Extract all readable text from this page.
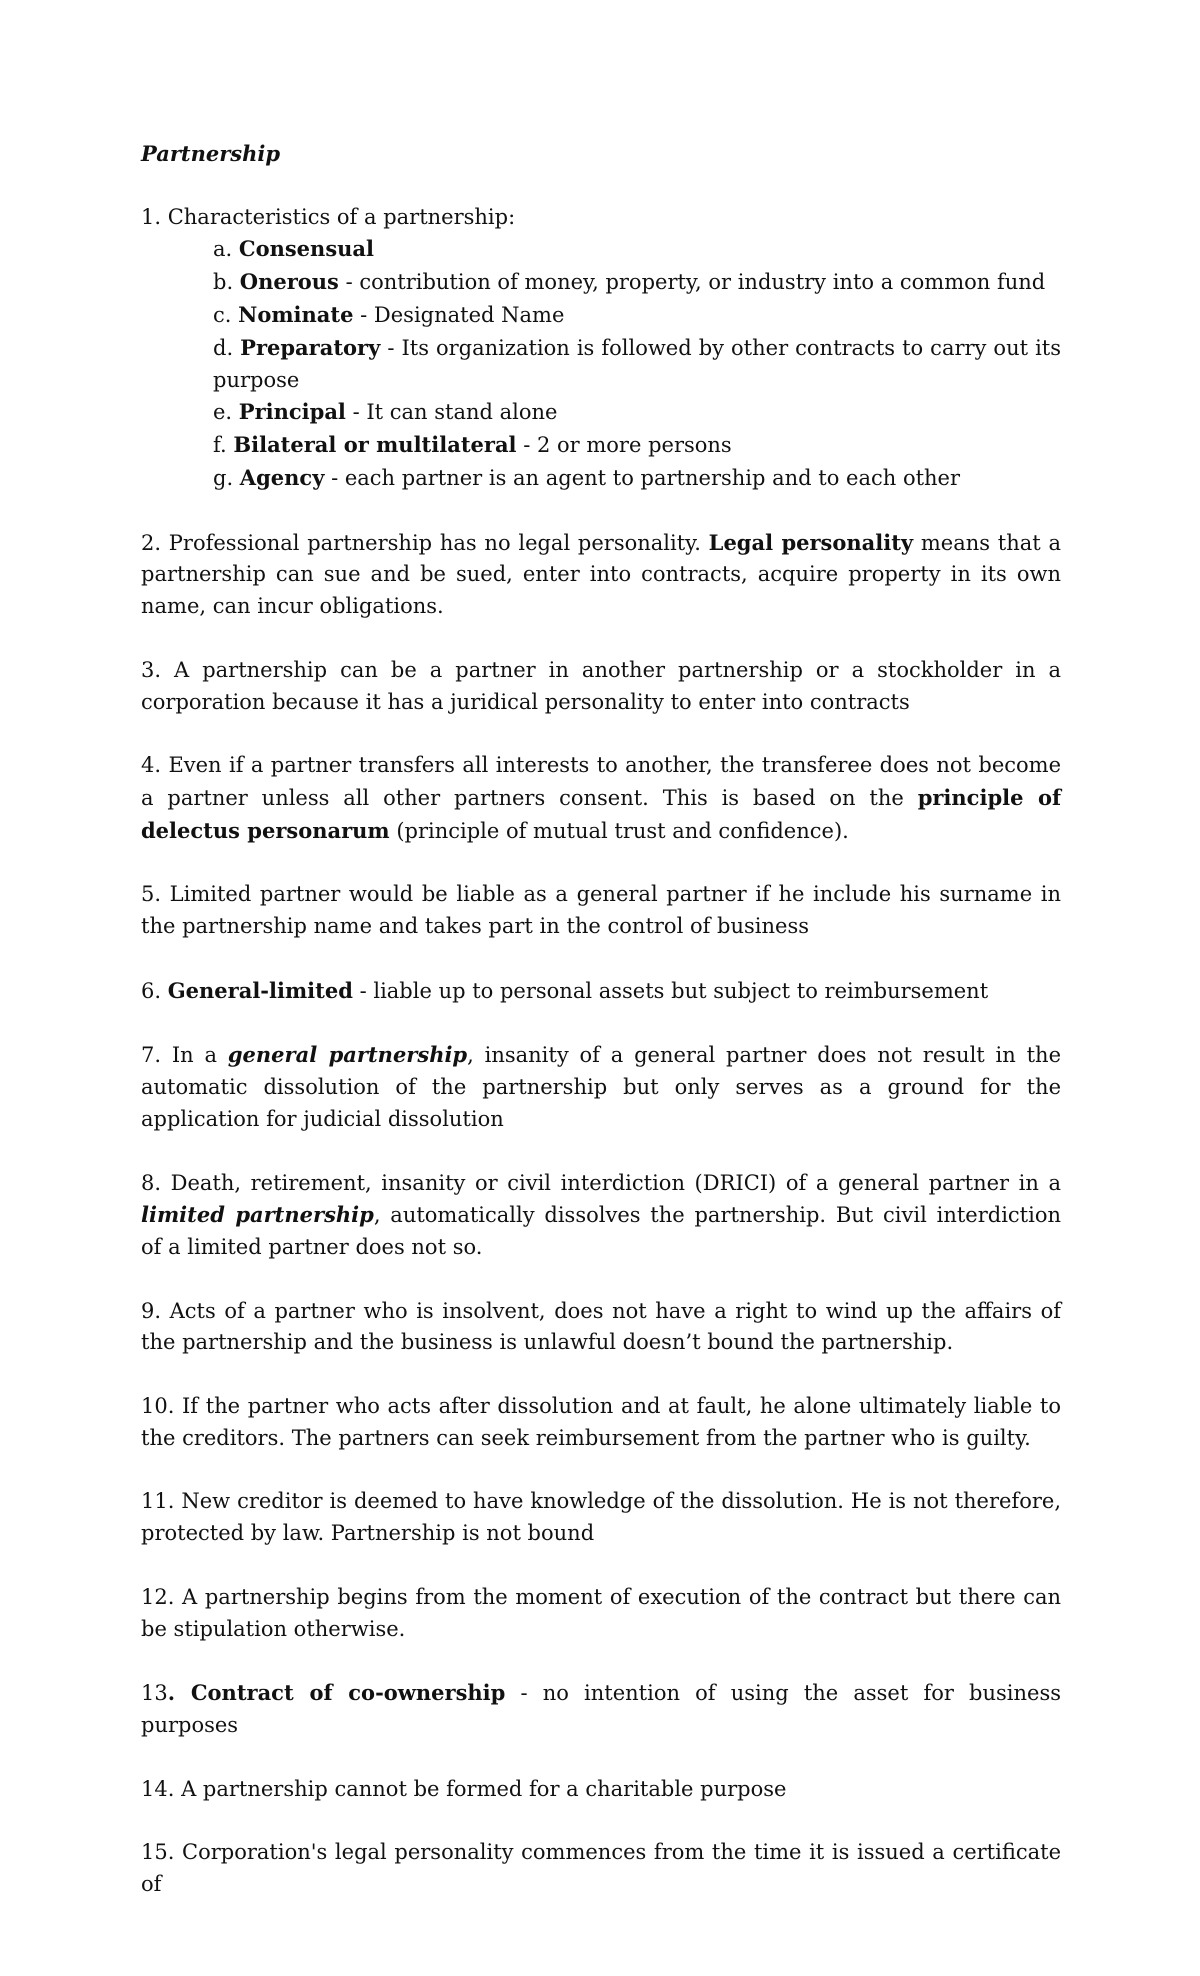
Partnership
1. Characteristics of a partnership:
a. Consensual
b. Onerous - contribution of money, property, or industry into a common fund
c. Nominate - Designated Name
d. Preparatory - Its organization is followed by other contracts to carry out its purpose
e. Principal - It can stand alone
f. Bilateral or multilateral - 2 or more persons
g. Agency - each partner is an agent to partnership and to each other
2. Professional partnership has no legal personality. Legal personality means that a partnership can sue and be sued, enter into contracts, acquire property in its own name, can incur obligations.
3. A partnership can be a partner in another partnership or a stockholder in a corporation because it has a juridical personality to enter into contracts
4. Even if a partner transfers all interests to another, the transferee does not become a partner unless all other partners consent. This is based on the principle of delectus personarum (principle of mutual trust and confidence).
5. Limited partner would be liable as a general partner if he include his surname in the partnership name and takes part in the control of business
6. General-limited - liable up to personal assets but subject to reimbursement
7. In a general partnership, insanity of a general partner does not result in the automatic dissolution of the partnership but only serves as a ground for the application for judicial dissolution
8. Death, retirement, insanity or civil interdiction (DRICI) of a general partner in a limited partnership, automatically dissolves the partnership. But civil interdiction of a limited partner does not so.
9. Acts of a partner who is insolvent, does not have a right to wind up the affairs of the partnership and the business is unlawful doesn’t bound the partnership.
10. If the partner who acts after dissolution and at fault, he alone ultimately liable to the creditors. The partners can seek reimbursement from the partner who is guilty.
11. New creditor is deemed to have knowledge of the dissolution. He is not therefore, protected by law. Partnership is not bound
12. A partnership begins from the moment of execution of the contract but there can be stipulation otherwise.
13. Contract of co-ownership - no intention of using the asset for business purposes
14. A partnership cannot be formed for a charitable purpose
15. Corporation's legal personality commences from the time it is issued a certificate of
